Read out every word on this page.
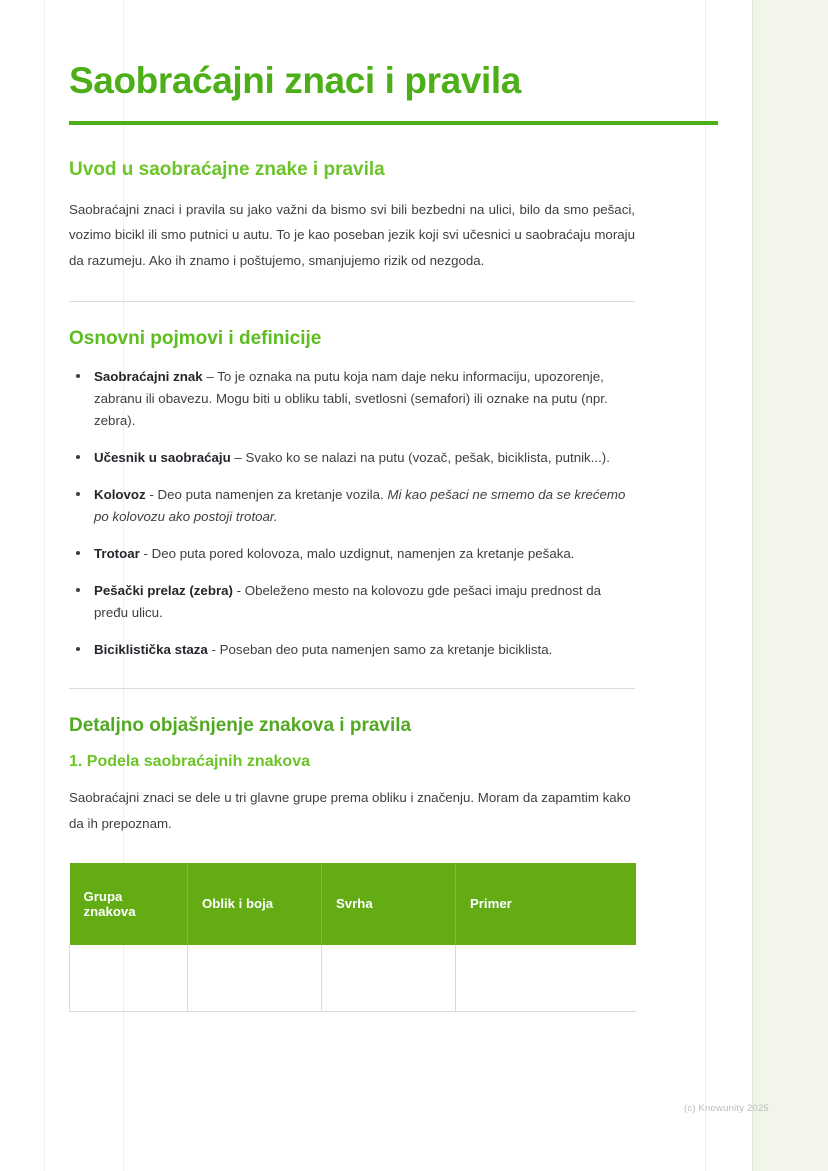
Saobraćajni znaci i pravila
Uvod u saobraćajne znake i pravila

Saobraćajni znaci i pravila su jako važni da bismo svi bili bezbedni na ulici, bilo da smo pešaci, vozimo bicikl ili smo putnici u autu. To je kao poseban jezik koji svi učesnici u saobraćaju moraju da razumeju. Ako ih znamo i poštujemo, smanjujemo rizik od nezgoda.

Osnovni pojmovi i definicije
Saobraćajni znak – To je oznaka na putu koja nam daje neku informaciju, upozorenje, zabranu ili obavezu. Mogu biti u obliku tabli, svetlosni (semafori) ili oznake na putu (npr. zebra).
Učesnik u saobraćaju – Svako ko se nalazi na putu (vozač, pešak, biciklista, putnik...).
Kolovoz - Deo puta namenjen za kretanje vozila. Mi kao pešaci ne smemo da se krećemo po kolovozu ako postoji trotoar.
Trotoar - Deo puta pored kolovoza, malo uzdignut, namenjen za kretanje pešaka.
Pešački prelaz (zebra) - Obeleženo mesto na kolovozu gde pešaci imaju prednost da pređu ulicu.
Biciklistička staza - Poseban deo puta namenjen samo za kretanje biciklista.
Detaljno objašnjenje znakova i pravila
1. Podela saobraćajnih znakova

Saobraćajni znaci se dele u tri glavne grupe prema obliku i značenju. Moram da zapamtim kako da ih prepoznam.

Grupa znakova	Oblik i boja	Svrha	Primer

(c) Knowunity 2025
